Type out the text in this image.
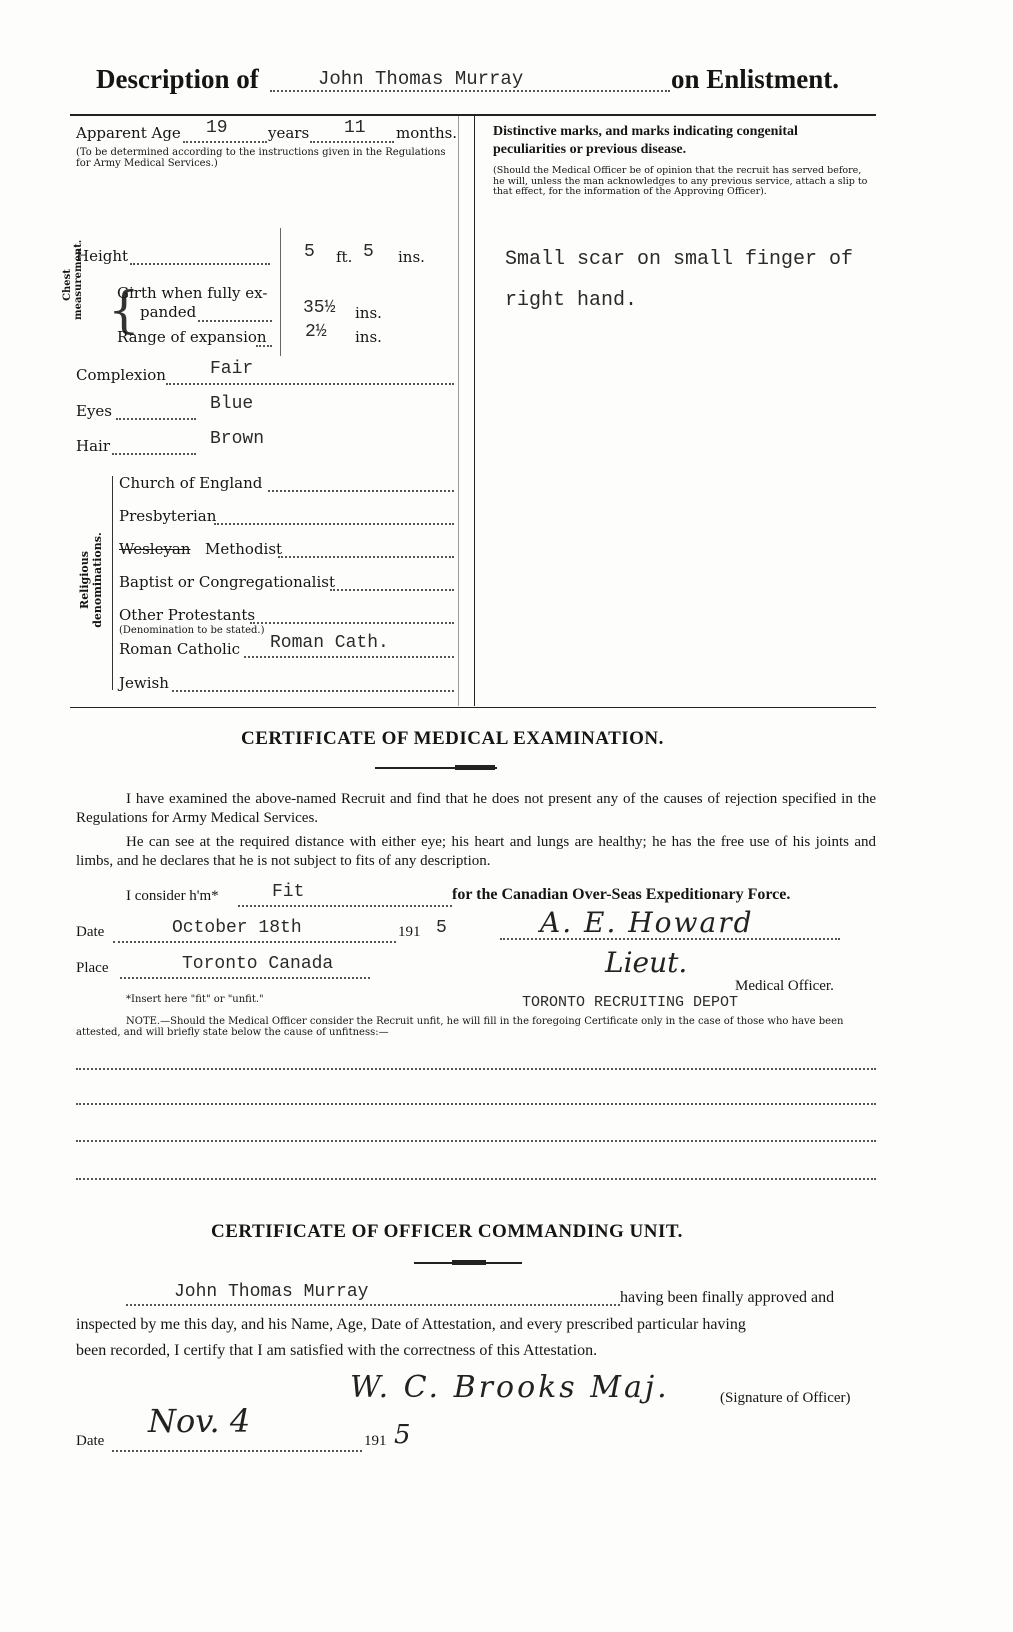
Description of	John Thomas Murray	on Enlistment.
Apparent Age 19	years 11 months.
(To be determined according to the instructions given in the Regulations for Army Medical Services.)
Height	5 ft. 5 ins.
Chest measurement. {
Girth when fully ex-
panded	35½ ins.
Range of expansion 2½ ins.
Complexion Fair
Eyes	Blue
Hair	Brown
Religious denominations.
Church of England
Presbyterian
Wesleyan Methodist
Baptist or Congregationalist
Other Protestants
(Denomination to be stated.)
Roman Catholic Roman Cath.
Jewish
Distinctive marks, and marks indicating congenital
peculiarities or previous disease.
(Should the Medical Officer be of opinion that the recruit has served before, he will, unless the man acknowledges to any previous service, attach a slip to that effect, for the information of the Approving Officer).
Small scar on small finger of
right hand.
CERTIFICATE OF MEDICAL EXAMINATION.
I have examined the above-named Recruit and find that he does not present any of the causes of rejection specified in the Regulations for Army Medical Services.
He can see at the required distance with either eye; his heart and lungs are healthy; he has the free use of his joints and limbs, and he declares that he is not subject to fits of any description.
I consider h'm*	Fit	for the Canadian Over-Seas Expeditionary Force.
Date	October 18th	191 5
Place	Toronto Canada
A. E. Howard
Lieut.
Medical Officer.
*Insert here "fit" or "unfit."	TORONTO RECRUITING DEPOT
NOTE.—Should the Medical Officer consider the Recruit unfit, he will fill in the foregoing Certificate only in the case of those who have been attested, and will briefly state below the cause of unfitness:—
CERTIFICATE OF OFFICER COMMANDING UNIT.
John Thomas Murray	having been finally approved and
inspected by me this day, and his Name, Age, Date of Attestation, and every prescribed particular having
been recorded, I certify that I am satisfied with the correctness of this Attestation.
W. C. Brooks Maj.	(Signature of Officer)
Date
Nov. 4
191 5
